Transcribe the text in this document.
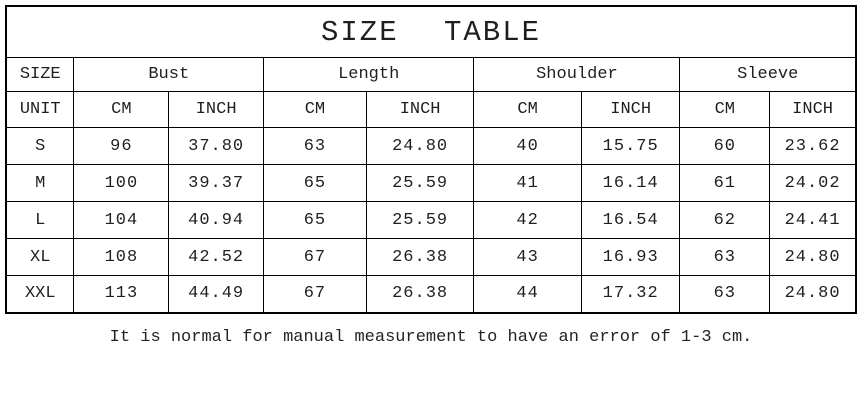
SIZE TABLE								
SIZE	Bust		Length		Shoulder		Sleeve	
UNIT	CM	INCH	CM	INCH	CM	INCH	CM	INCH
S	96	37.80	63	24.80	40	15.75	60	23.62
M	100	39.37	65	25.59	41	16.14	61	24.02
L	104	40.94	65	25.59	42	16.54	62	24.41
XL	108	42.52	67	26.38	43	16.93	63	24.80
XXL	113	44.49	67	26.38	44	17.32	63	24.80

It is normal for manual measurement to have an error of 1-3 cm.
